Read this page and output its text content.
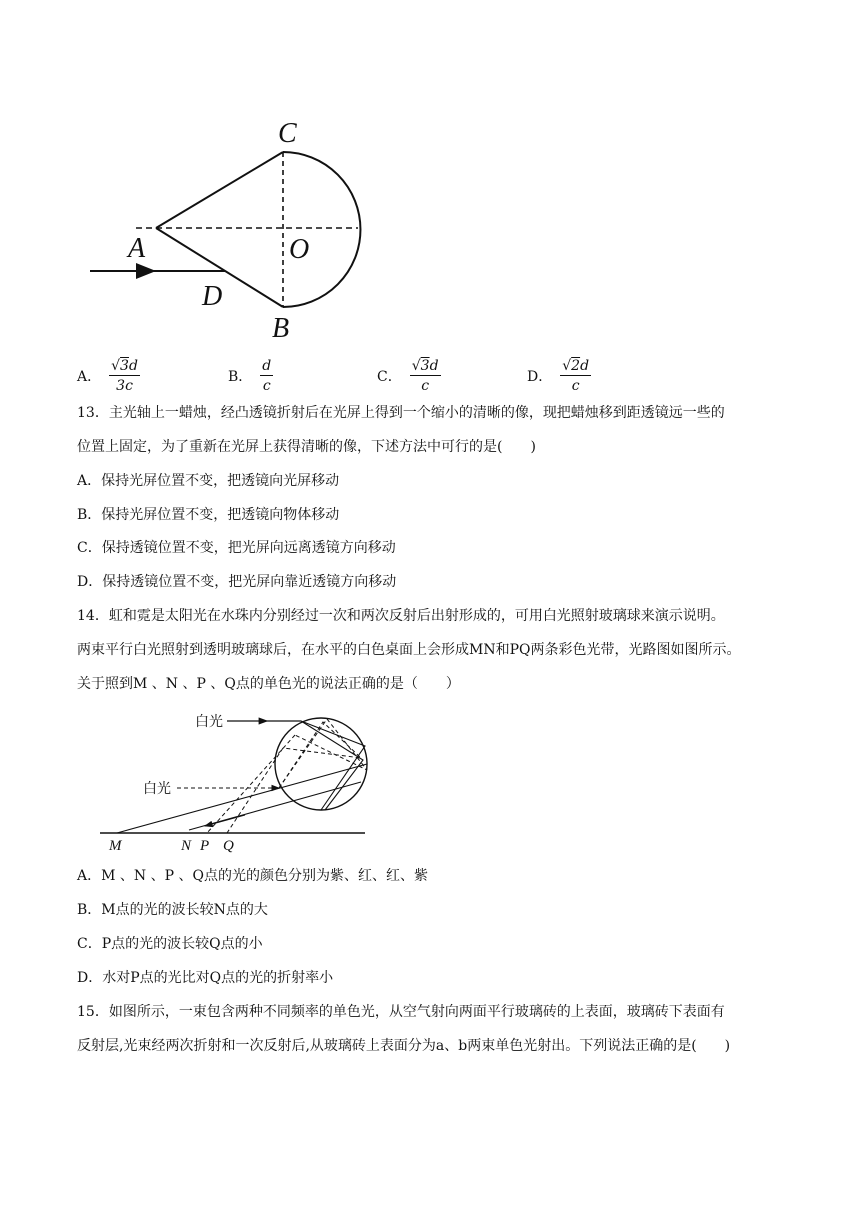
C
A	O
D
B
A． $\frac{√3d}{3c}$	B． $\frac{d}{c}$	C． $\frac{√3d}{c}$	D． $\frac{√2d}{c}$
13．主光轴上一蜡烛，经凸透镜折射后在光屏上得到一个缩小的清晰的像，现把蜡烛移到距透镜远一些的
位置上固定，为了重新在光屏上获得清晰的像，下述方法中可行的是(　　)
A．保持光屏位置不变，把透镜向光屏移动
B．保持光屏位置不变，把透镜向物体移动
C．保持透镜位置不变，把光屏向远离透镜方向移动
D．保持透镜位置不变，把光屏向靠近透镜方向移动
14．虹和霓是太阳光在水珠内分别经过一次和两次反射后出射形成的，可用白光照射玻璃球来演示说明。
两束平行白光照射到透明玻璃球后，在水平的白色桌面上会形成MN和PQ两条彩色光带，光路图如图所示。
关于照到M 、N 、P 、Q点的单色光的说法正确的是（　　）
白光
白光
M	N P Q
A．M 、N 、P 、Q点的光的颜色分别为紫、红、红、紫
B．M点的光的波长较N点的大
C．P点的光的波长较Q点的小
D．水对P点的光比对Q点的光的折射率小
15．如图所示，一束包含两种不同频率的单色光，从空气射向两面平行玻璃砖的上表面，玻璃砖下表面有
反射层,光束经两次折射和一次反射后,从玻璃砖上表面分为a、b两束单色光射出。下列说法正确的是(　　)
